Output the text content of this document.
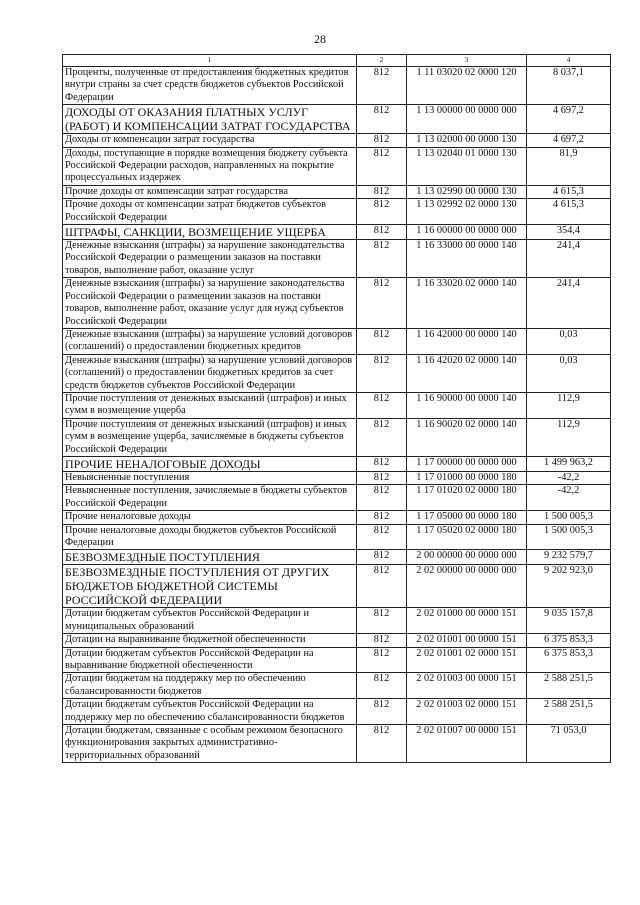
28
1	2	3	4
Проценты, полученные от предоставления бюджетных кредитов внутри страны за счет средств бюджетов субъектов Российской Федерации	812	1 11 03020 02 0000 120	8 037,1
ДОХОДЫ ОТ ОКАЗАНИЯ ПЛАТНЫХ УСЛУГ (РАБОТ) И КОМПЕНСАЦИИ ЗАТРАТ ГОСУДАРСТВА	812	1 13 00000 00 0000 000	4 697,2
Доходы от компенсации затрат государства	812	1 13 02000 00 0000 130	4 697,2
Доходы, поступающие в порядке возмещения бюджету субъекта Российской Федерации расходов, направленных на покрытие процессуальных издержек	812	1 13 02040 01 0000 130	81,9
Прочие доходы от компенсации затрат государства	812	1 13 02990 00 0000 130	4 615,3
Прочие доходы от компенсации затрат бюджетов субъектов Российской Федерации	812	1 13 02992 02 0000 130	4 615,3
ШТРАФЫ, САНКЦИИ, ВОЗМЕЩЕНИЕ УЩЕРБА	812	1 16 00000 00 0000 000	354,4
Денежные взыскания (штрафы) за нарушение законодательства Российской Федерации о размещении заказов на поставки товаров, выполнение работ, оказание услуг	812	1 16 33000 00 0000 140	241,4
Денежные взыскания (штрафы) за нарушение законодательства Российской Федерации о размещении заказов на поставки товаров, выполнение работ, оказание услуг для нужд субъектов Российской Федерации	812	1 16 33020 02 0000 140	241,4
Денежные взыскания (штрафы) за нарушение условий договоров (соглашений) о предоставлении бюджетных кредитов	812	1 16 42000 00 0000 140	0,03
Денежные взыскания (штрафы) за нарушение условий договоров (соглашений) о предоставлении бюджетных кредитов за счет средств бюджетов субъектов Российской Федерации	812	1 16 42020 02 0000 140	0,03
Прочие поступления от денежных взысканий (штрафов) и иных сумм в возмещение ущерба	812	1 16 90000 00 0000 140	112,9
Прочие поступления от денежных взысканий (штрафов) и иных сумм в возмещение ущерба, зачисляемые в бюджеты субъектов Российской Федерации	812	1 16 90020 02 0000 140	112,9
ПРОЧИЕ НЕНАЛОГОВЫЕ ДОХОДЫ	812	1 17 00000 00 0000 000	1 499 963,2
Невыясненные поступления	812	1 17 01000 00 0000 180	-42,2
Невыясненные поступления, зачисляемые в бюджеты субъектов Российской Федерации	812	1 17 01020 02 0000 180	-42,2
Прочие неналоговые доходы	812	1 17 05000 00 0000 180	1 500 005,3
Прочие неналоговые доходы бюджетов субъектов Российской Федерации	812	1 17 05020 02 0000 180	1 500 005,3
БЕЗВОЗМЕЗДНЫЕ ПОСТУПЛЕНИЯ	812	2 00 00000 00 0000 000	9 232 579,7
БЕЗВОЗМЕЗДНЫЕ ПОСТУПЛЕНИЯ ОТ ДРУГИХ БЮДЖЕТОВ БЮДЖЕТНОЙ СИСТЕМЫ РОССИЙСКОЙ ФЕДЕРАЦИИ	812	2 02 00000 00 0000 000	9 202 923,0
Дотации бюджетам субъектов Российской Федерации и муниципальных образований	812	2 02 01000 00 0000 151	9 035 157,8
Дотации на выравнивание бюджетной обеспеченности	812	2 02 01001 00 0000 151	6 375 853,3
Дотации бюджетам субъектов Российской Федерации на выравнивание бюджетной обеспеченности	812	2 02 01001 02 0000 151	6 375 853,3
Дотации бюджетам на поддержку мер по обеспечению сбалансированности бюджетов	812	2 02 01003 00 0000 151	2 588 251,5
Дотации бюджетам субъектов Российской Федерации на поддержку мер по обеспечению сбалансированности бюджетов	812	2 02 01003 02 0000 151	2 588 251,5
Дотации бюджетам, связанные с особым режимом безопасного функционирования закрытых административно-территориальных образований	812	2 02 01007 00 0000 151	71 053,0
